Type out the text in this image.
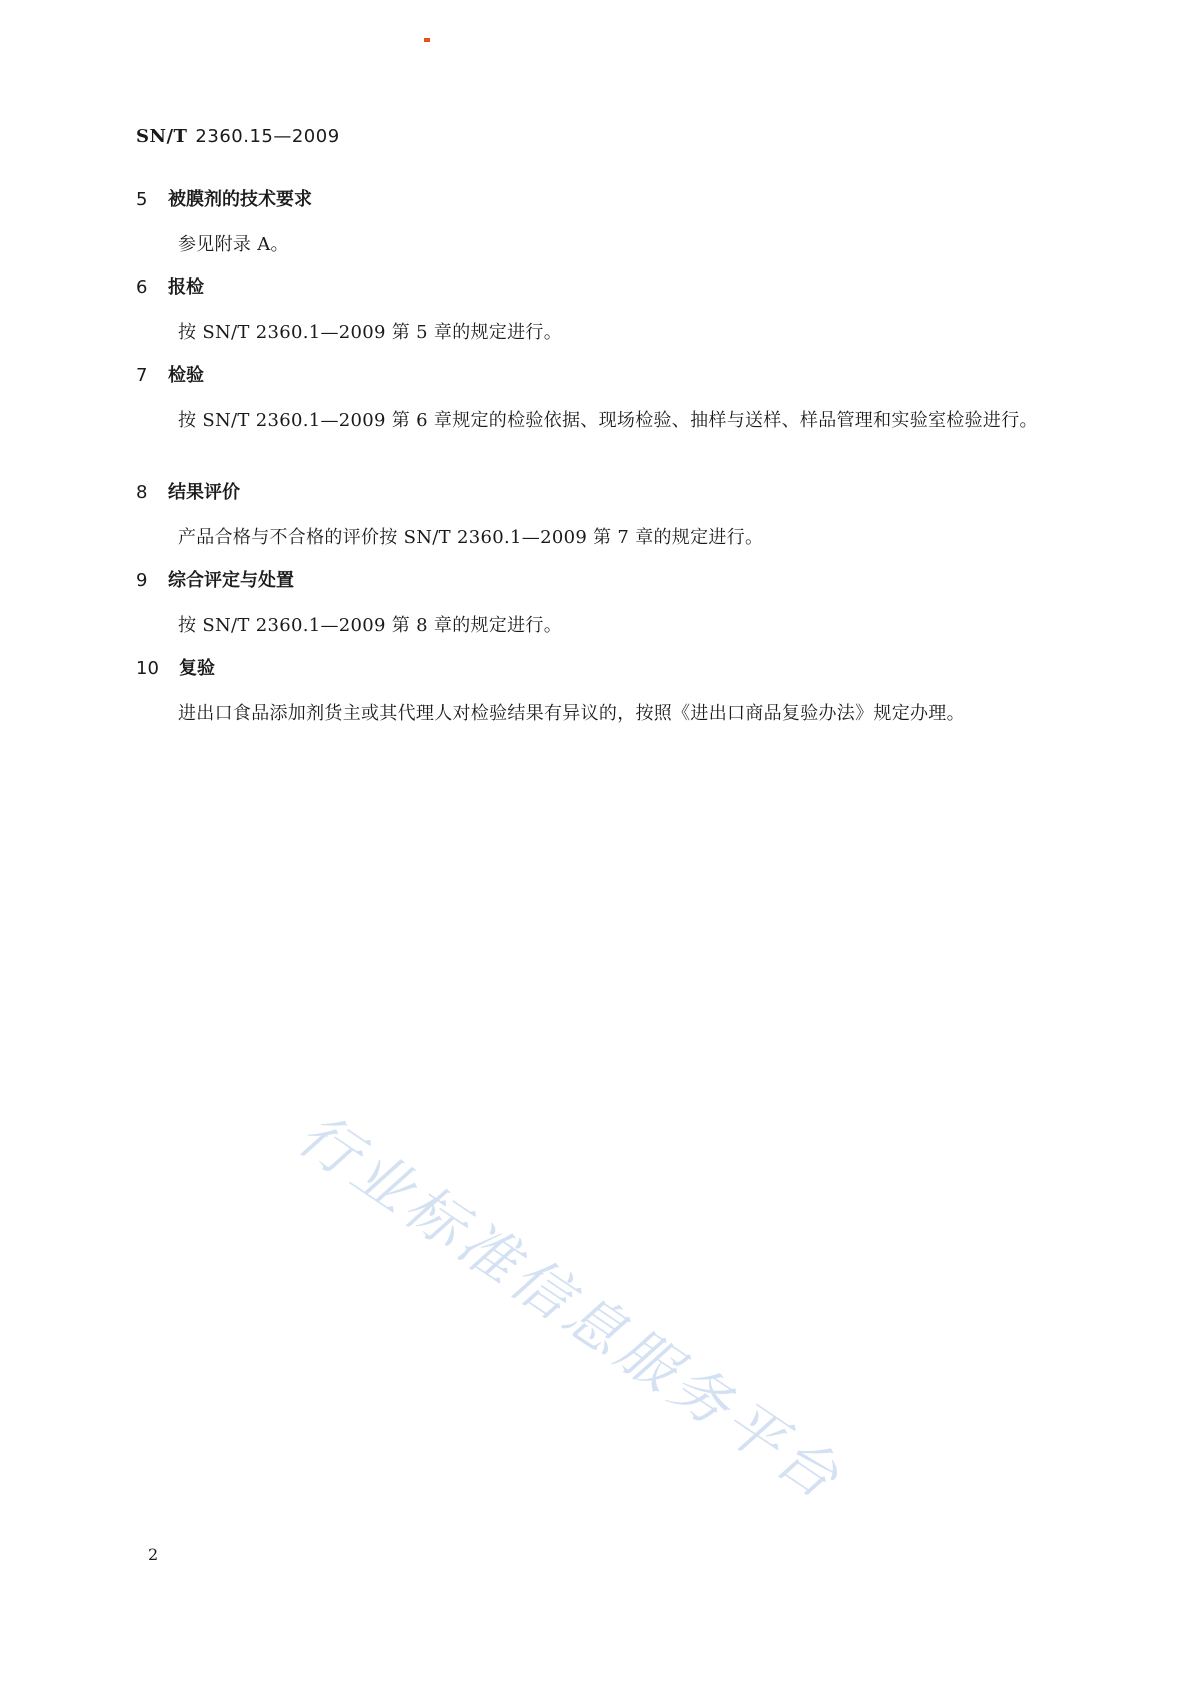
SN/T 2360.15—2009
5 被膜剂的技术要求
参见附录 A。
6 报检
按 SN/T 2360.1—2009 第 5 章的规定进行。
7 检验
按 SN/T 2360.1—2009 第 6 章规定的检验依据、现场检验、抽样与送样、样品管理和实验室检验进行。
8 结果评价
产品合格与不合格的评价按 SN/T 2360.1—2009 第 7 章的规定进行。
9 综合评定与处置
按 SN/T 2360.1—2009 第 8 章的规定进行。
10 复验
进出口食品添加剂货主或其代理人对检验结果有异议的，按照《进出口商品复验办法》规定办理。
行业标准信息服务平台
2
